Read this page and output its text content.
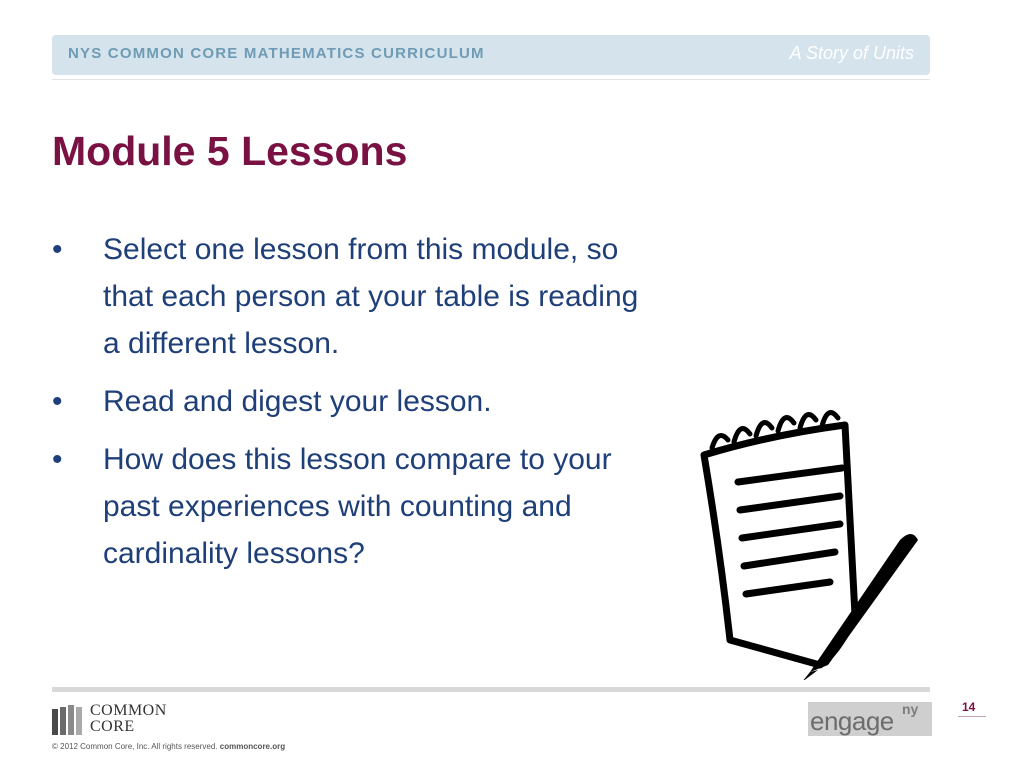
NYS COMMON CORE MATHEMATICS CURRICULUM	A Story of Units
Module 5 Lessons
• Select one lesson from this module, so that each person at your table is reading a different lesson.
• Read and digest your lesson.
• How does this lesson compare to your past experiences with counting and cardinality lessons?
COMMON
CORE
© 2012 Common Core, Inc. All rights reserved. commoncore.org
14
engage ny
